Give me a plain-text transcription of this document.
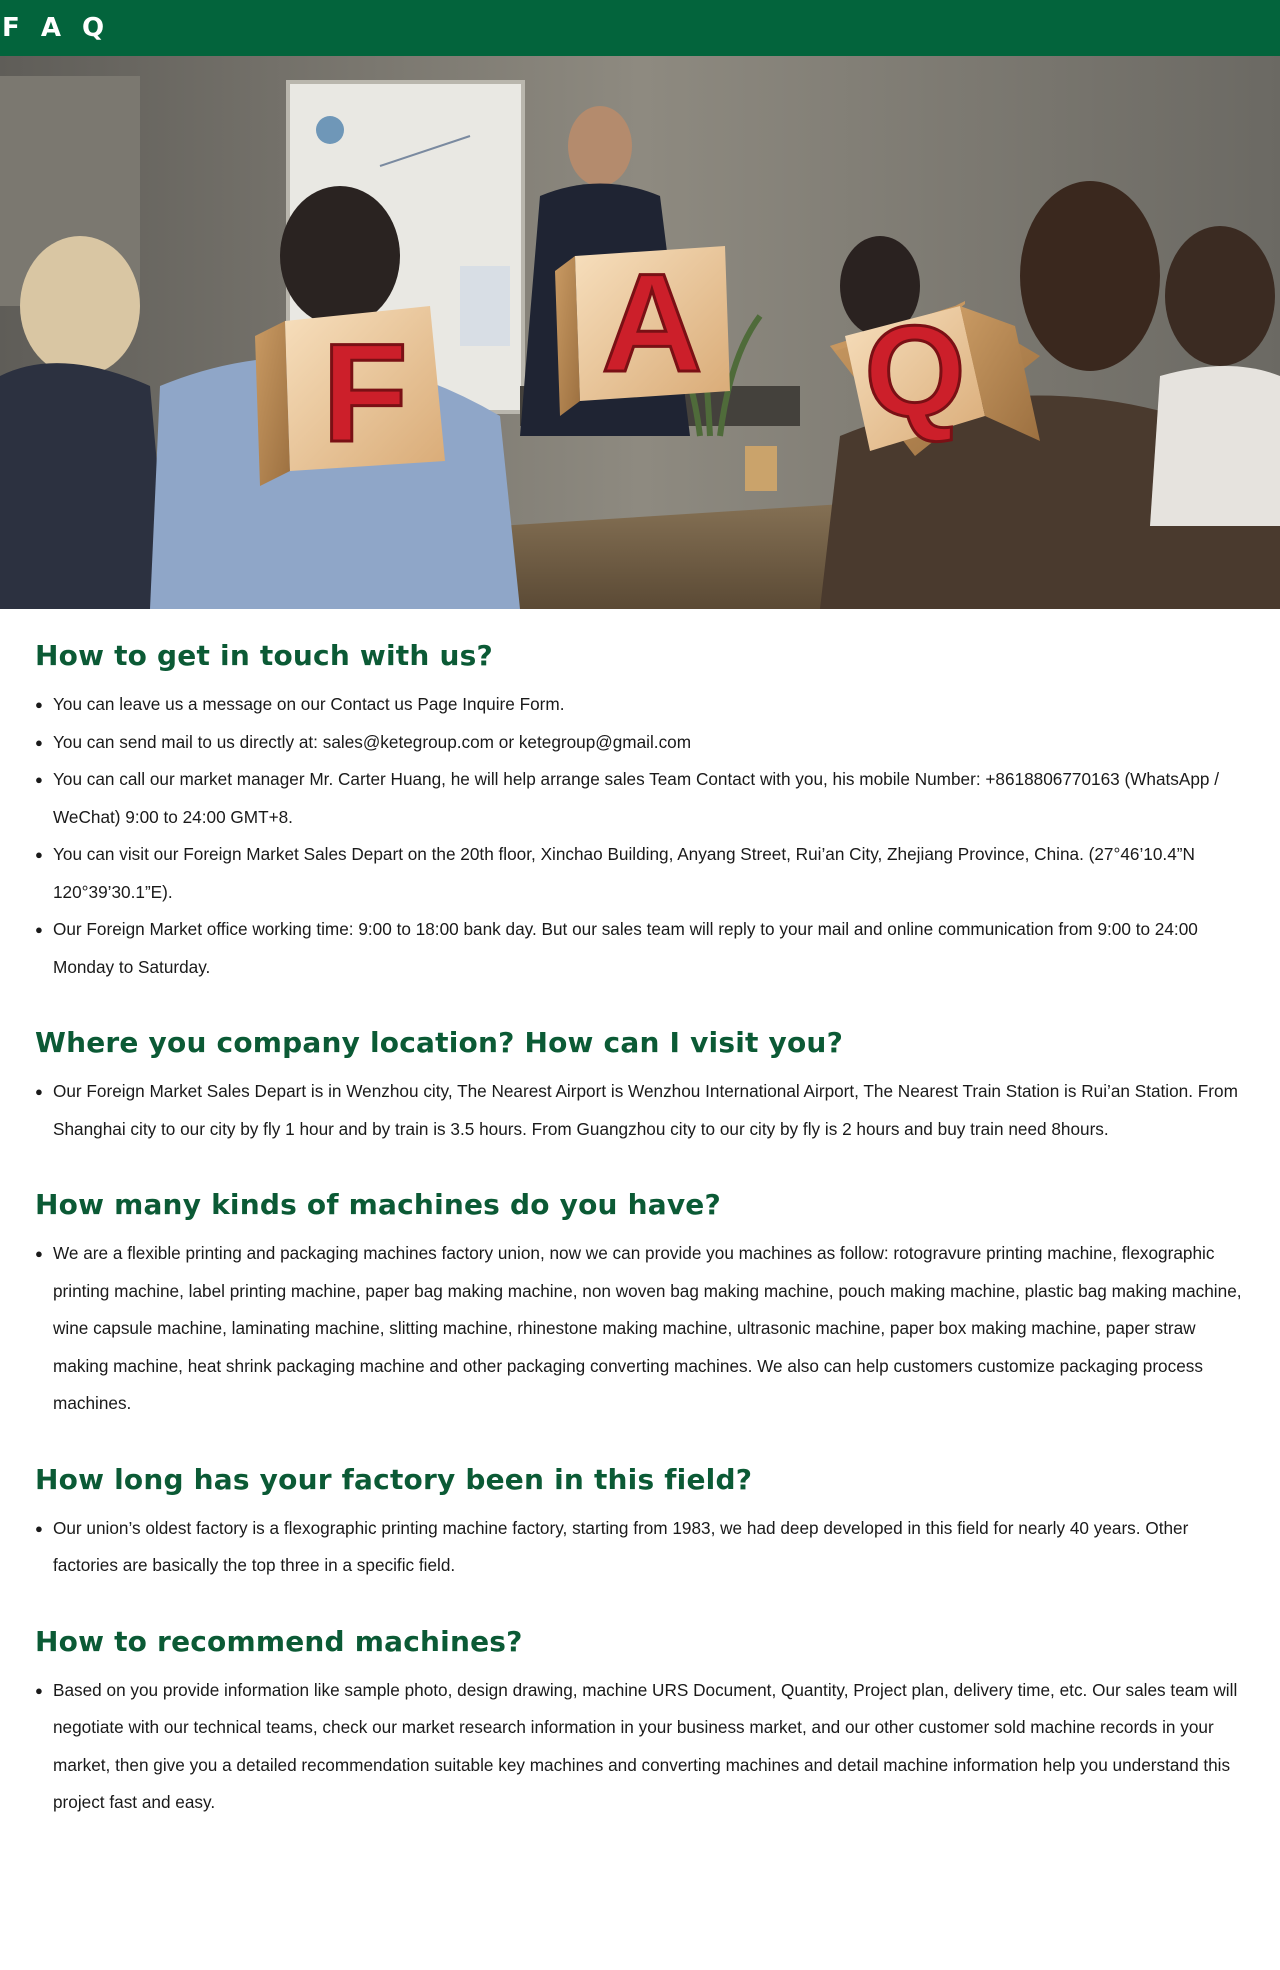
F A Q
F A Q
How to get in touch with us?
● You can leave us a message on our Contact us Page Inquire Form.
● You can send mail to us directly at: sales@ketegroup.com or ketegroup@gmail.com
● You can call our market manager Mr. Carter Huang, he will help arrange sales Team Contact with you, his mobile Number: +8618806770163 (WhatsApp / WeChat) 9:00 to 24:00 GMT+8.
● You can visit our Foreign Market Sales Depart on the 20th floor, Xinchao Building, Anyang Street, Rui’an City, Zhejiang Province, China. (27°46’10.4”N 120°39’30.1”E).
● Our Foreign Market office working time: 9:00 to 18:00 bank day. But our sales team will reply to your mail and online communication from 9:00 to 24:00 Monday to Saturday.
Where you company location? How can I visit you?
● Our Foreign Market Sales Depart is in Wenzhou city, The Nearest Airport is Wenzhou International Airport, The Nearest Train Station is Rui’an Station. From Shanghai city to our city by fly 1 hour and by train is 3.5 hours. From Guangzhou city to our city by fly is 2 hours and buy train need 8hours.
How many kinds of machines do you have?
● We are a flexible printing and packaging machines factory union, now we can provide you machines as follow: rotogravure printing machine, flexographic printing machine, label printing machine, paper bag making machine, non woven bag making machine, pouch making machine, plastic bag making machine, wine capsule machine, laminating machine, slitting machine, rhinestone making machine, ultrasonic machine, paper box making machine, paper straw making machine, heat shrink packaging machine and other packaging converting machines. We also can help customers customize packaging process machines.
How long has your factory been in this field?
● Our union’s oldest factory is a flexographic printing machine factory, starting from 1983, we had deep developed in this field for nearly 40 years. Other factories are basically the top three in a specific field.
How to recommend machines?
● Based on you provide information like sample photo, design drawing, machine URS Document, Quantity, Project plan, delivery time, etc. Our sales team will negotiate with our technical teams, check our market research information in your business market, and our other customer sold machine records in your market, then give you a detailed recommendation suitable key machines and converting machines and detail machine information help you understand this project fast and easy.
